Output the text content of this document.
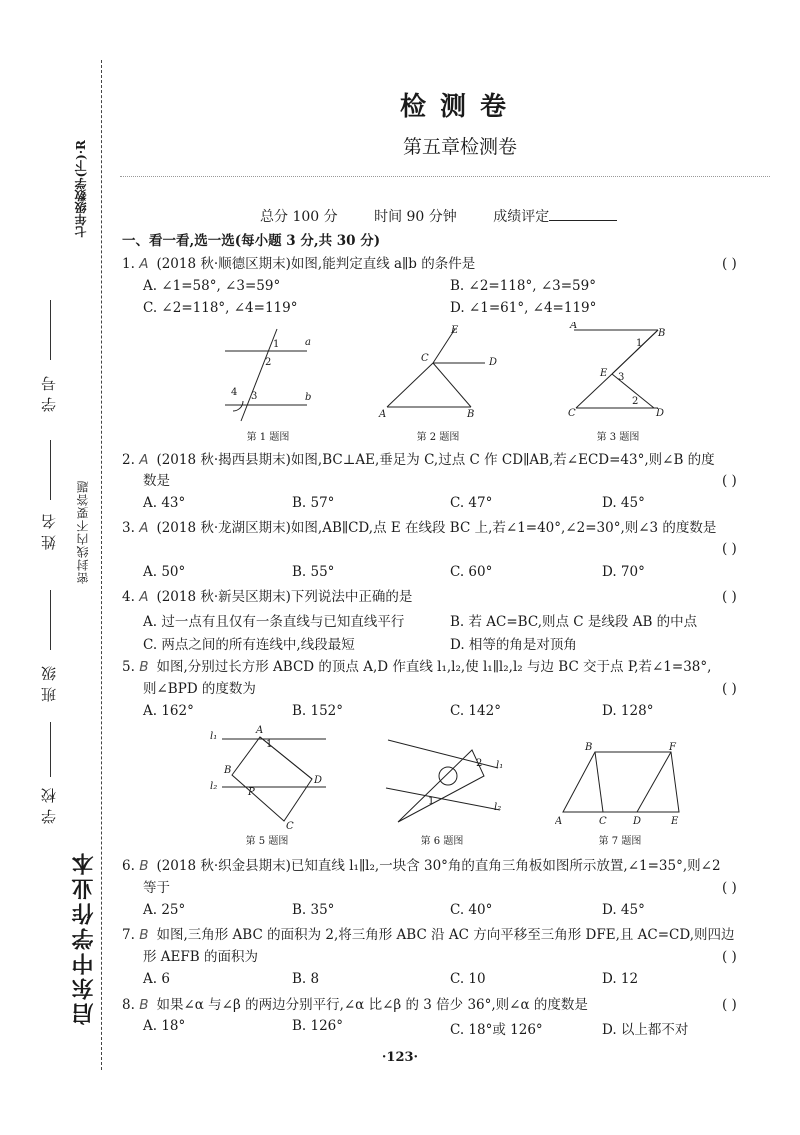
七年级数学(下)·R
学号
姓名 密封线内不要答题
班级
学校
启东中学作业本
检测卷
第五章检测卷
总分 100 分	时间 90 分钟	成绩评定
一、看一看,选一选(每小题 3 分,共 30 分)
1. A (2018 秋·顺德区期末)如图,能判定直线 a∥b 的条件是	( )
A. ∠1=58°, ∠3=59°	B. ∠2=118°, ∠3=59°
C. ∠2=118°, ∠4=119°	D. ∠1=61°, ∠4=119°
a
b
1
2
3
4
第 1 题图
E
C	D
A	B
第 2 题图
A
B
E
C	D
1
2
3
第 3 题图
2. A (2018 秋·揭西县期末)如图,BC⊥AE,垂足为 C,过点 C 作 CD∥AB,若∠ECD=43°,则∠B 的度
数是	( )
A. 43°	B. 57°	C. 47°	D. 45°
3. A (2018 秋·龙湖区期末)如图,AB∥CD,点 E 在线段 BC 上,若∠1=40°,∠2=30°,则∠3 的度数是
( )
A. 50°	B. 55°	C. 60°	D. 70°
4. A (2018 秋·新吴区期末)下列说法中正确的是	( )
A. 过一点有且仅有一条直线与已知直线平行	B. 若 AC=BC,则点 C 是线段 AB 的中点
C. 两点之间的所有连线中,线段最短	D. 相等的角是对顶角
5. B 如图,分别过长方形 ABCD 的顶点 A,D 作直线 l₁,l₂,使 l₁∥l₂,l₂ 与边 BC 交于点 P,若∠1=38°,
则∠BPD 的度数为	( )
A. 162°	B. 152°	C. 142°	D. 128°
l₁
l₂
A
B
C
D
P
1
第 5 题图
l₁
l₂
1
2
第 6 题图
A
B
C	D	E
F
第 7 题图
6. B (2018 秋·织金县期末)已知直线 l₁∥l₂,一块含 30°角的直角三角板如图所示放置,∠1=35°,则∠2
等于	( )
A. 25°	B. 35°	C. 40°	D. 45°
7. B 如图,三角形 ABC 的面积为 2,将三角形 ABC 沿 AC 方向平移至三角形 DFE,且 AC=CD,则四边
形 AEFB 的面积为	( )
A. 6	B. 8	C. 10	D. 12
8. B 如果∠α 与∠β 的两边分别平行,∠α 比∠β 的 3 倍少 36°,则∠α 的度数是	( )
A. 18°	B. 126°	C. 18°或 126°	D. 以上都不对
·123·
